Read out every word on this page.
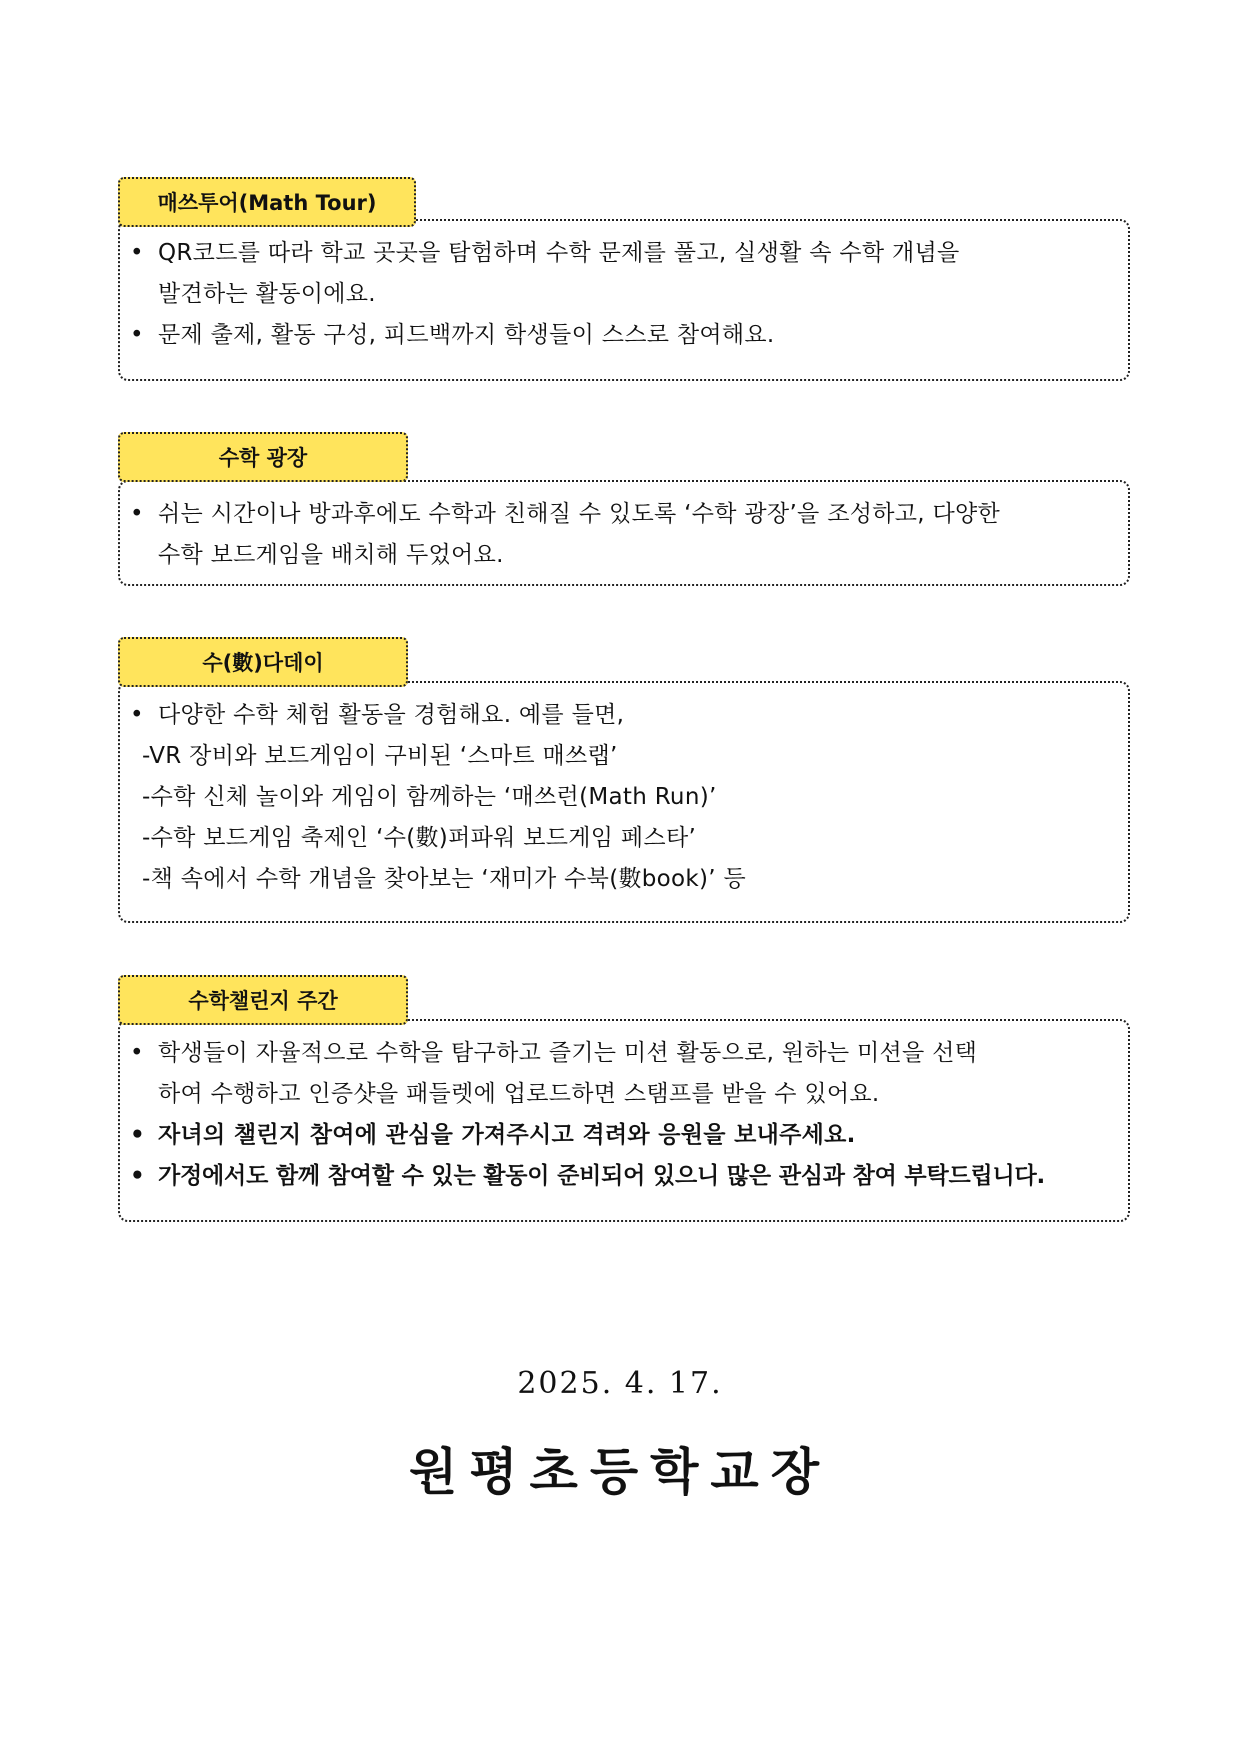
매쓰투어(Math Tour)
• QR코드를 따라 학교 곳곳을 탐험하며 수학 문제를 풀고, 실생활 속 수학 개념을
발견하는 활동이에요.
• 문제 출제, 활동 구성, 피드백까지 학생들이 스스로 참여해요.
수학 광장
• 쉬는 시간이나 방과후에도 수학과 친해질 수 있도록 ‘수학 광장’을 조성하고, 다양한
수학 보드게임을 배치해 두었어요.
수(數)다데이
• 다양한 수학 체험 활동을 경험해요. 예를 들면,
-VR 장비와 보드게임이 구비된 ‘스마트 매쓰랩’
-수학 신체 놀이와 게임이 함께하는 ‘매쓰런(Math Run)’
-수학 보드게임 축제인 ‘수(數)퍼파워 보드게임 페스타’
-책 속에서 수학 개념을 찾아보는 ‘재미가 수북(數book)’ 등
수학챌린지 주간
• 학생들이 자율적으로 수학을 탐구하고 즐기는 미션 활동으로, 원하는 미션을 선택
하여 수행하고 인증샷을 패들렛에 업로드하면 스탬프를 받을 수 있어요.
• 자녀의 챌린지 참여에 관심을 가져주시고 격려와 응원을 보내주세요.
• 가정에서도 함께 참여할 수 있는 활동이 준비되어 있으니 많은 관심과 참여 부탁드립니다.
2025. 4. 17.
원평초등학교장
